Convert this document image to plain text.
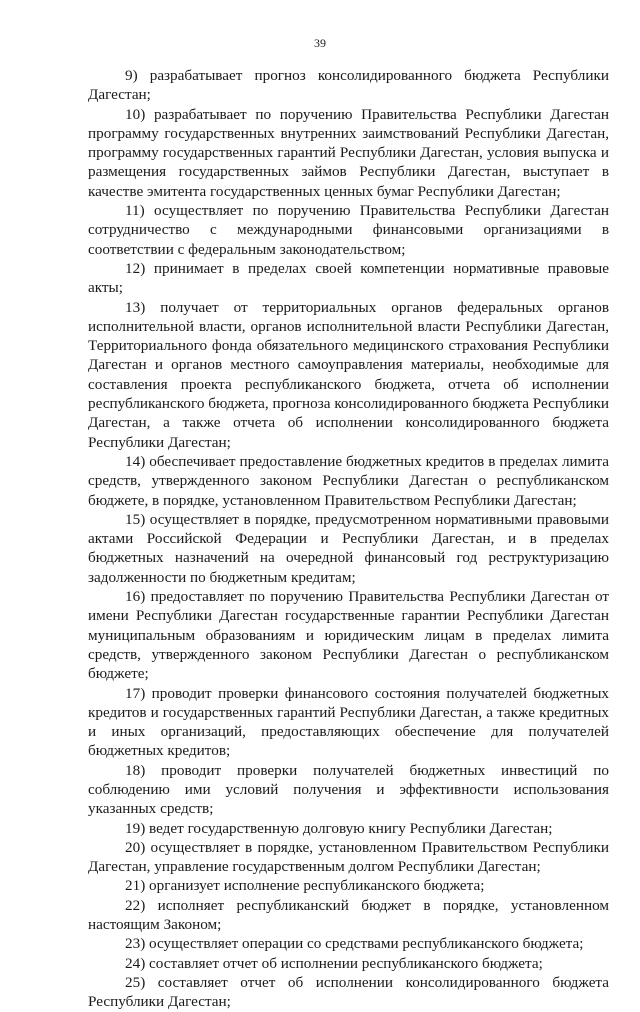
39

9) разрабатывает прогноз консолидированного бюджета Республики Дагестан;

10) разрабатывает по поручению Правительства Республики Дагестан программу государственных внутренних заимствований Республики Дагестан, программу государственных гарантий Республики Дагестан, условия выпуска и размещения государственных займов Республики Дагестан, выступает в качестве эмитента государственных ценных бумаг Республики Дагестан;

11) осуществляет по поручению Правительства Республики Дагестан сотрудничество с международными финансовыми организациями в соответствии с федеральным законодательством;

12) принимает в пределах своей компетенции нормативные правовые акты;

13) получает от территориальных органов федеральных органов исполнительной власти, органов исполнительной власти Республики Дагестан, Территориального фонда обязательного медицинского страхования Республики Дагестан и органов местного самоуправления материалы, необходимые для составления проекта республиканского бюджета, отчета об исполнении республиканского бюджета, прогноза консолидированного бюджета Республики Дагестан, а также отчета об исполнении консолидированного бюджета Республики Дагестан;

14) обеспечивает предоставление бюджетных кредитов в пределах лимита средств, утвержденного законом Республики Дагестан о республиканском бюджете, в порядке, установленном Правительством Республики Дагестан;

15) осуществляет в порядке, предусмотренном нормативными правовыми актами Российской Федерации и Республики Дагестан, и в пределах бюджетных назначений на очередной финансовый год реструктуризацию задолженности по бюджетным кредитам;

16) предоставляет по поручению Правительства Республики Дагестан от имени Республики Дагестан государственные гарантии Республики Дагестан муниципальным образованиям и юридическим лицам в пределах лимита средств, утвержденного законом Республики Дагестан о республиканском бюджете;

17) проводит проверки финансового состояния получателей бюджетных кредитов и государственных гарантий Республики Дагестан, а также кредитных и иных организаций, предоставляющих обеспечение для получателей бюджетных кредитов;

18) проводит проверки получателей бюджетных инвестиций по соблюдению ими условий получения и эффективности использования указанных средств;

19) ведет государственную долговую книгу Республики Дагестан;

20) осуществляет в порядке, установленном Правительством Республики Дагестан, управление государственным долгом Республики Дагестан;

21) организует исполнение республиканского бюджета;

22) исполняет республиканский бюджет в порядке, установленном настоящим Законом;

23) осуществляет операции со средствами республиканского бюджета;

24) составляет отчет об исполнении республиканского бюджета;

25) составляет отчет об исполнении консолидированного бюджета Республики Дагестан;
